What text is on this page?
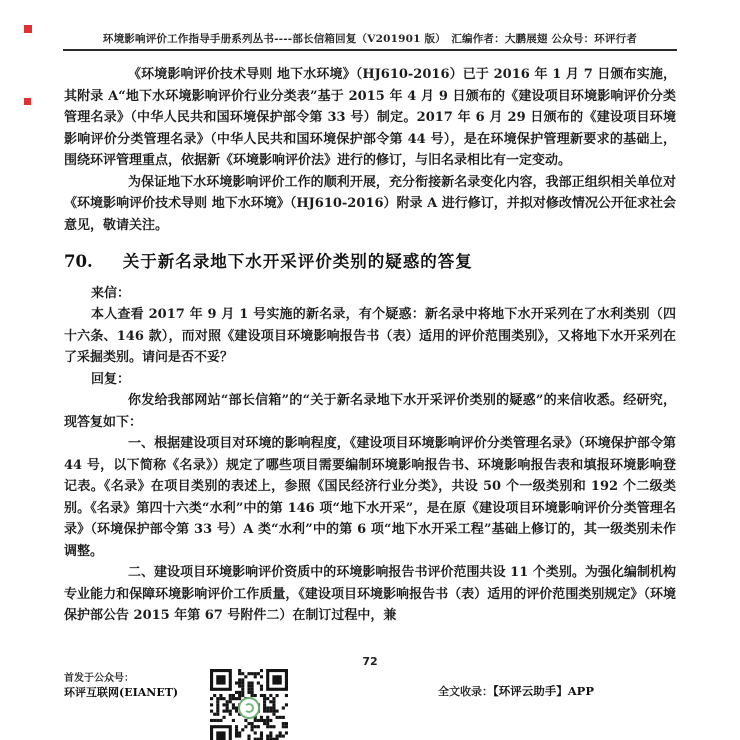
环境影响评价工作指导手册系列丛书----部长信箱回复（V201901 版）　汇编作者：大鹏展翅 公众号：环评行者

《环境影响评价技术导则 地下水环境》（HJ610-2016）已于 2016 年 1 月 7 日颁布实施，其附录 A“地下水环境影响评价行业分类表”基于 2015 年 4 月 9 日颁布的《建设项目环境影响评价分类管理名录》（中华人民共和国环境保护部令第 33 号）制定。2017 年 6 月 29 日颁布的《建设项目环境影响评价分类管理名录》（中华人民共和国环境保护部令第 44 号），是在环境保护管理新要求的基础上，围绕环评管理重点，依据新《环境影响评价法》进行的修订，与旧名录相比有一定变动。

为保证地下水环境影响评价工作的顺利开展，充分衔接新名录变化内容，我部正组织相关单位对《环境影响评价技术导则 地下水环境》（HJ610-2016）附录 A 进行修订，并拟对修改情况公开征求社会意见，敬请关注。

70. 关于新名录地下水开采评价类别的疑惑的答复

来信：

本人查看 2017 年 9 月 1 号实施的新名录，有个疑惑：新名录中将地下水开采列在了水利类别（四十六条、146 款），而对照《建设项目环境影响报告书（表）适用的评价范围类别》，又将地下水开采列在了采掘类别。请问是否不妥？

回复：

你发给我部网站“部长信箱”的“关于新名录地下水开采评价类别的疑惑”的来信收悉。经研究，现答复如下：

一、根据建设项目对环境的影响程度，《建设项目环境影响评价分类管理名录》（环境保护部令第 44 号，以下简称《名录》）规定了哪些项目需要编制环境影响报告书、环境影响报告表和填报环境影响登记表。《名录》在项目类别的表述上，参照《国民经济行业分类》，共设 50 个一级类别和 192 个二级类别。《名录》第四十六类“水利”中的第 146 项“地下水开采”，是在原《建设项目环境影响评价分类管理名录》（环境保护部令第 33 号）A 类“水利”中的第 6 项“地下水开采工程”基础上修订的，其一级类别未作调整。

二、建设项目环境影响评价资质中的环境影响报告书评价范围共设 11 个类别。为强化编制机构专业能力和保障环境影响评价工作质量，《建设项目环境影响报告书（表）适用的评价范围类别规定》（环境保护部公告 2015 年第 67 号附件二）在制订过程中，兼

首发于公众号：
环评互联网(EIANET)
72
全文收录：【环评云助手】APP
